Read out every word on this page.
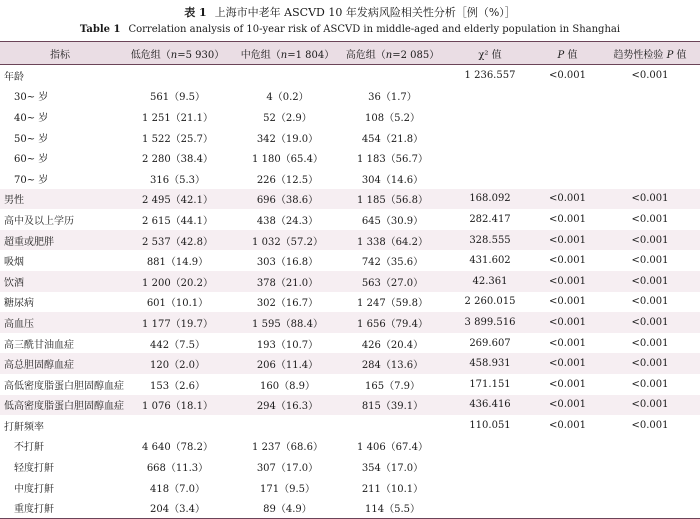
表 1 上海市中老年 ASCVD 10 年发病风险相关性分析［例（%）］
Table 1 Correlation analysis of 10-year risk of ASCVD in middle-aged and elderly population in Shanghai
指标	低危组（n=5 930）	中危组（n=1 804）	高危组（n=2 085）	χ² 值	P 值	趋势性检验 P 值
年龄				1 236.557	<0.001	<0.001
30~ 岁	561（9.5）	4（0.2）	36（1.7）			
40~ 岁	1 251（21.1）	52（2.9）	108（5.2）			
50~ 岁	1 522（25.7）	342（19.0）	454（21.8）			
60~ 岁	2 280（38.4）	1 180（65.4）	1 183（56.7）			
70~ 岁	316（5.3）	226（12.5）	304（14.6）			
男性	2 495（42.1）	696（38.6）	1 185（56.8）	168.092	<0.001	<0.001
高中及以上学历	2 615（44.1）	438（24.3）	645（30.9）	282.417	<0.001	<0.001
超重或肥胖	2 537（42.8）	1 032（57.2）	1 338（64.2）	328.555	<0.001	<0.001
吸烟	881（14.9）	303（16.8）	742（35.6）	431.602	<0.001	<0.001
饮酒	1 200（20.2）	378（21.0）	563（27.0）	42.361	<0.001	<0.001
糖尿病	601（10.1）	302（16.7）	1 247（59.8）	2 260.015	<0.001	<0.001
高血压	1 177（19.7）	1 595（88.4）	1 656（79.4）	3 899.516	<0.001	<0.001
高三酰甘油血症	442（7.5）	193（10.7）	426（20.4）	269.607	<0.001	<0.001
高总胆固醇血症	120（2.0）	206（11.4）	284（13.6）	458.931	<0.001	<0.001
高低密度脂蛋白胆固醇血症	153（2.6）	160（8.9）	165（7.9）	171.151	<0.001	<0.001
低高密度脂蛋白胆固醇血症	1 076（18.1）	294（16.3）	815（39.1）	436.416	<0.001	<0.001
打鼾频率				110.051	<0.001	<0.001
不打鼾	4 640（78.2）	1 237（68.6）	1 406（67.4）			
轻度打鼾	668（11.3）	307（17.0）	354（17.0）			
中度打鼾	418（7.0）	171（9.5）	211（10.1）			
重度打鼾	204（3.4）	89（4.9）	114（5.5）			
